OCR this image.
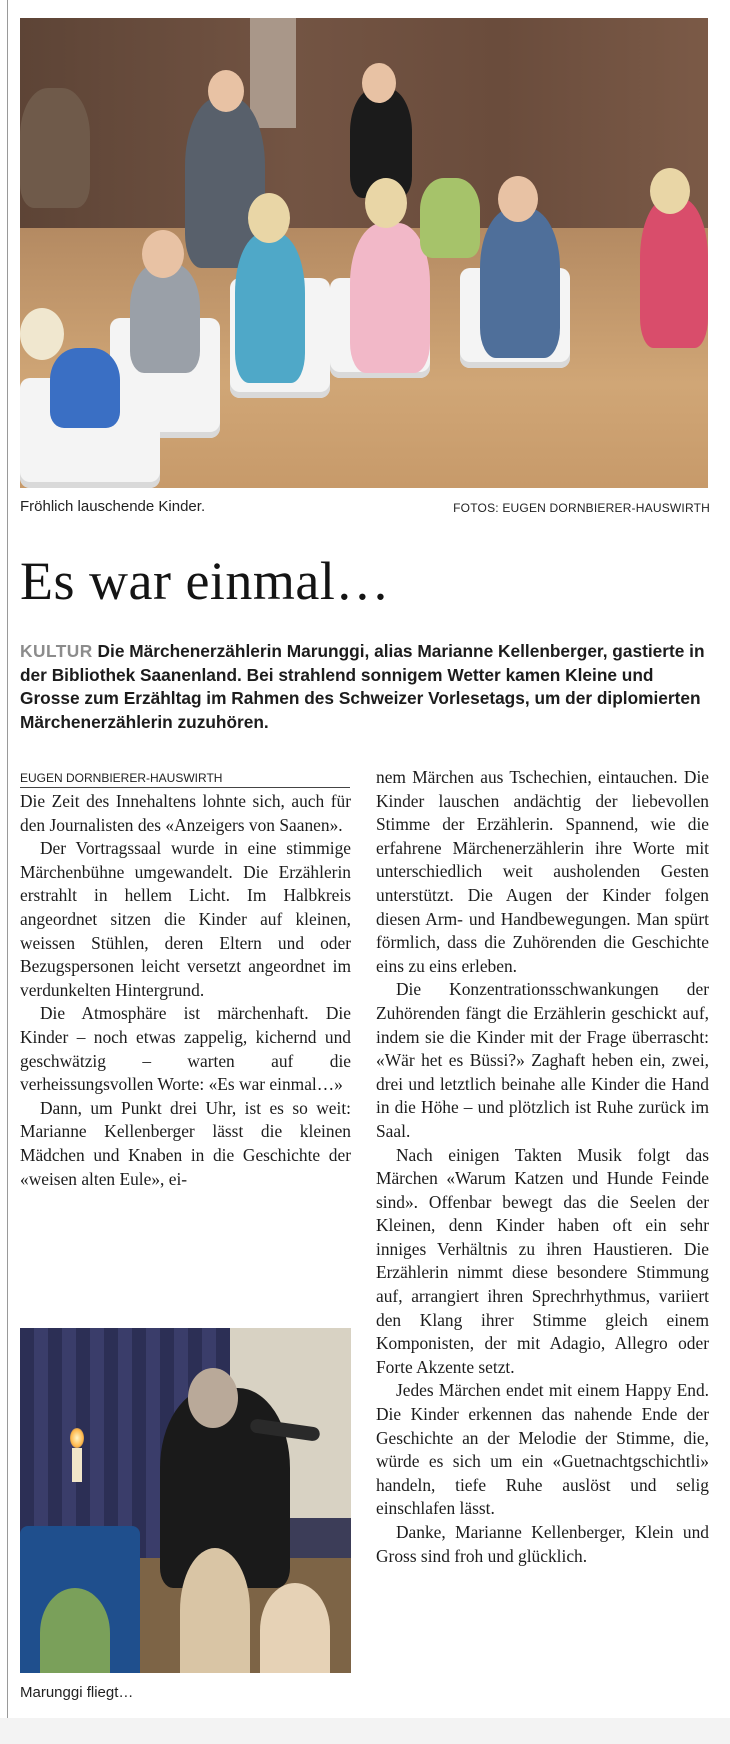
Fröhlich lauschende Kinder.	FOTOS: EUGEN DORNBIERER-HAUSWIRTH
Es war einmal…

KULTUR Die Märchenerzählerin Marunggi, alias Marianne Kellenberger, gastierte in der Bibliothek Saanenland. Bei strahlend sonnigem Wetter kamen Kleine und Grosse zum Erzähltag im Rahmen des Schweizer Vorlesetags, um der diplomierten Märchenerzählerin zuzuhören.

EUGEN DORNBIERER-HAUSWIRTH

Die Zeit des Innehaltens lohnte sich, auch für den Journalisten des «Anzeigers von Saanen».

Der Vortragssaal wurde in eine stimmige Märchenbühne umgewandelt. Die Erzählerin erstrahlt in hellem Licht. Im Halbkreis angeordnet sitzen die Kinder auf kleinen, weissen Stühlen, deren Eltern und oder Bezugspersonen leicht versetzt angeordnet im verdunkelten Hintergrund.

Die Atmosphäre ist märchenhaft. Die Kinder – noch etwas zappelig, kichernd und geschwätzig – warten auf die verheissungsvollen Worte: «Es war einmal…»

Dann, um Punkt drei Uhr, ist es so weit: Marianne Kellenberger lässt die kleinen Mädchen und Knaben in die Geschichte der «weisen alten Eule», ei-

nem Märchen aus Tschechien, eintauchen. Die Kinder lauschen andächtig der liebevollen Stimme der Erzählerin. Spannend, wie die erfahrene Märchenerzählerin ihre Worte mit unterschiedlich weit ausholenden Gesten unterstützt. Die Augen der Kinder folgen diesen Arm- und Handbewegungen. Man spürt förmlich, dass die Zuhörenden die Geschichte eins zu eins erleben.

Die Konzentrationsschwankungen der Zuhörenden fängt die Erzählerin geschickt auf, indem sie die Kinder mit der Frage überrascht: «Wär het es Büssi?» Zaghaft heben ein, zwei, drei und letztlich beinahe alle Kinder die Hand in die Höhe – und plötzlich ist Ruhe zurück im Saal.

Nach einigen Takten Musik folgt das Märchen «Warum Katzen und Hunde Feinde sind». Offenbar bewegt das die Seelen der Kleinen, denn Kinder haben oft ein sehr inniges Verhältnis zu ihren Haustieren. Die Erzählerin nimmt diese besondere Stimmung auf, arrangiert ihren Sprechrhythmus, variiert den Klang ihrer Stimme gleich einem Komponisten, der mit Adagio, Allegro oder Forte Akzente setzt.

Jedes Märchen endet mit einem Happy End. Die Kinder erkennen das nahende Ende der Geschichte an der Melodie der Stimme, die, würde es sich um ein «Guetnachtgschichtli» handeln, tiefe Ruhe auslöst und selig einschlafen lässt.

Danke, Marianne Kellenberger, Klein und Gross sind froh und glücklich.

Marunggi fliegt…
